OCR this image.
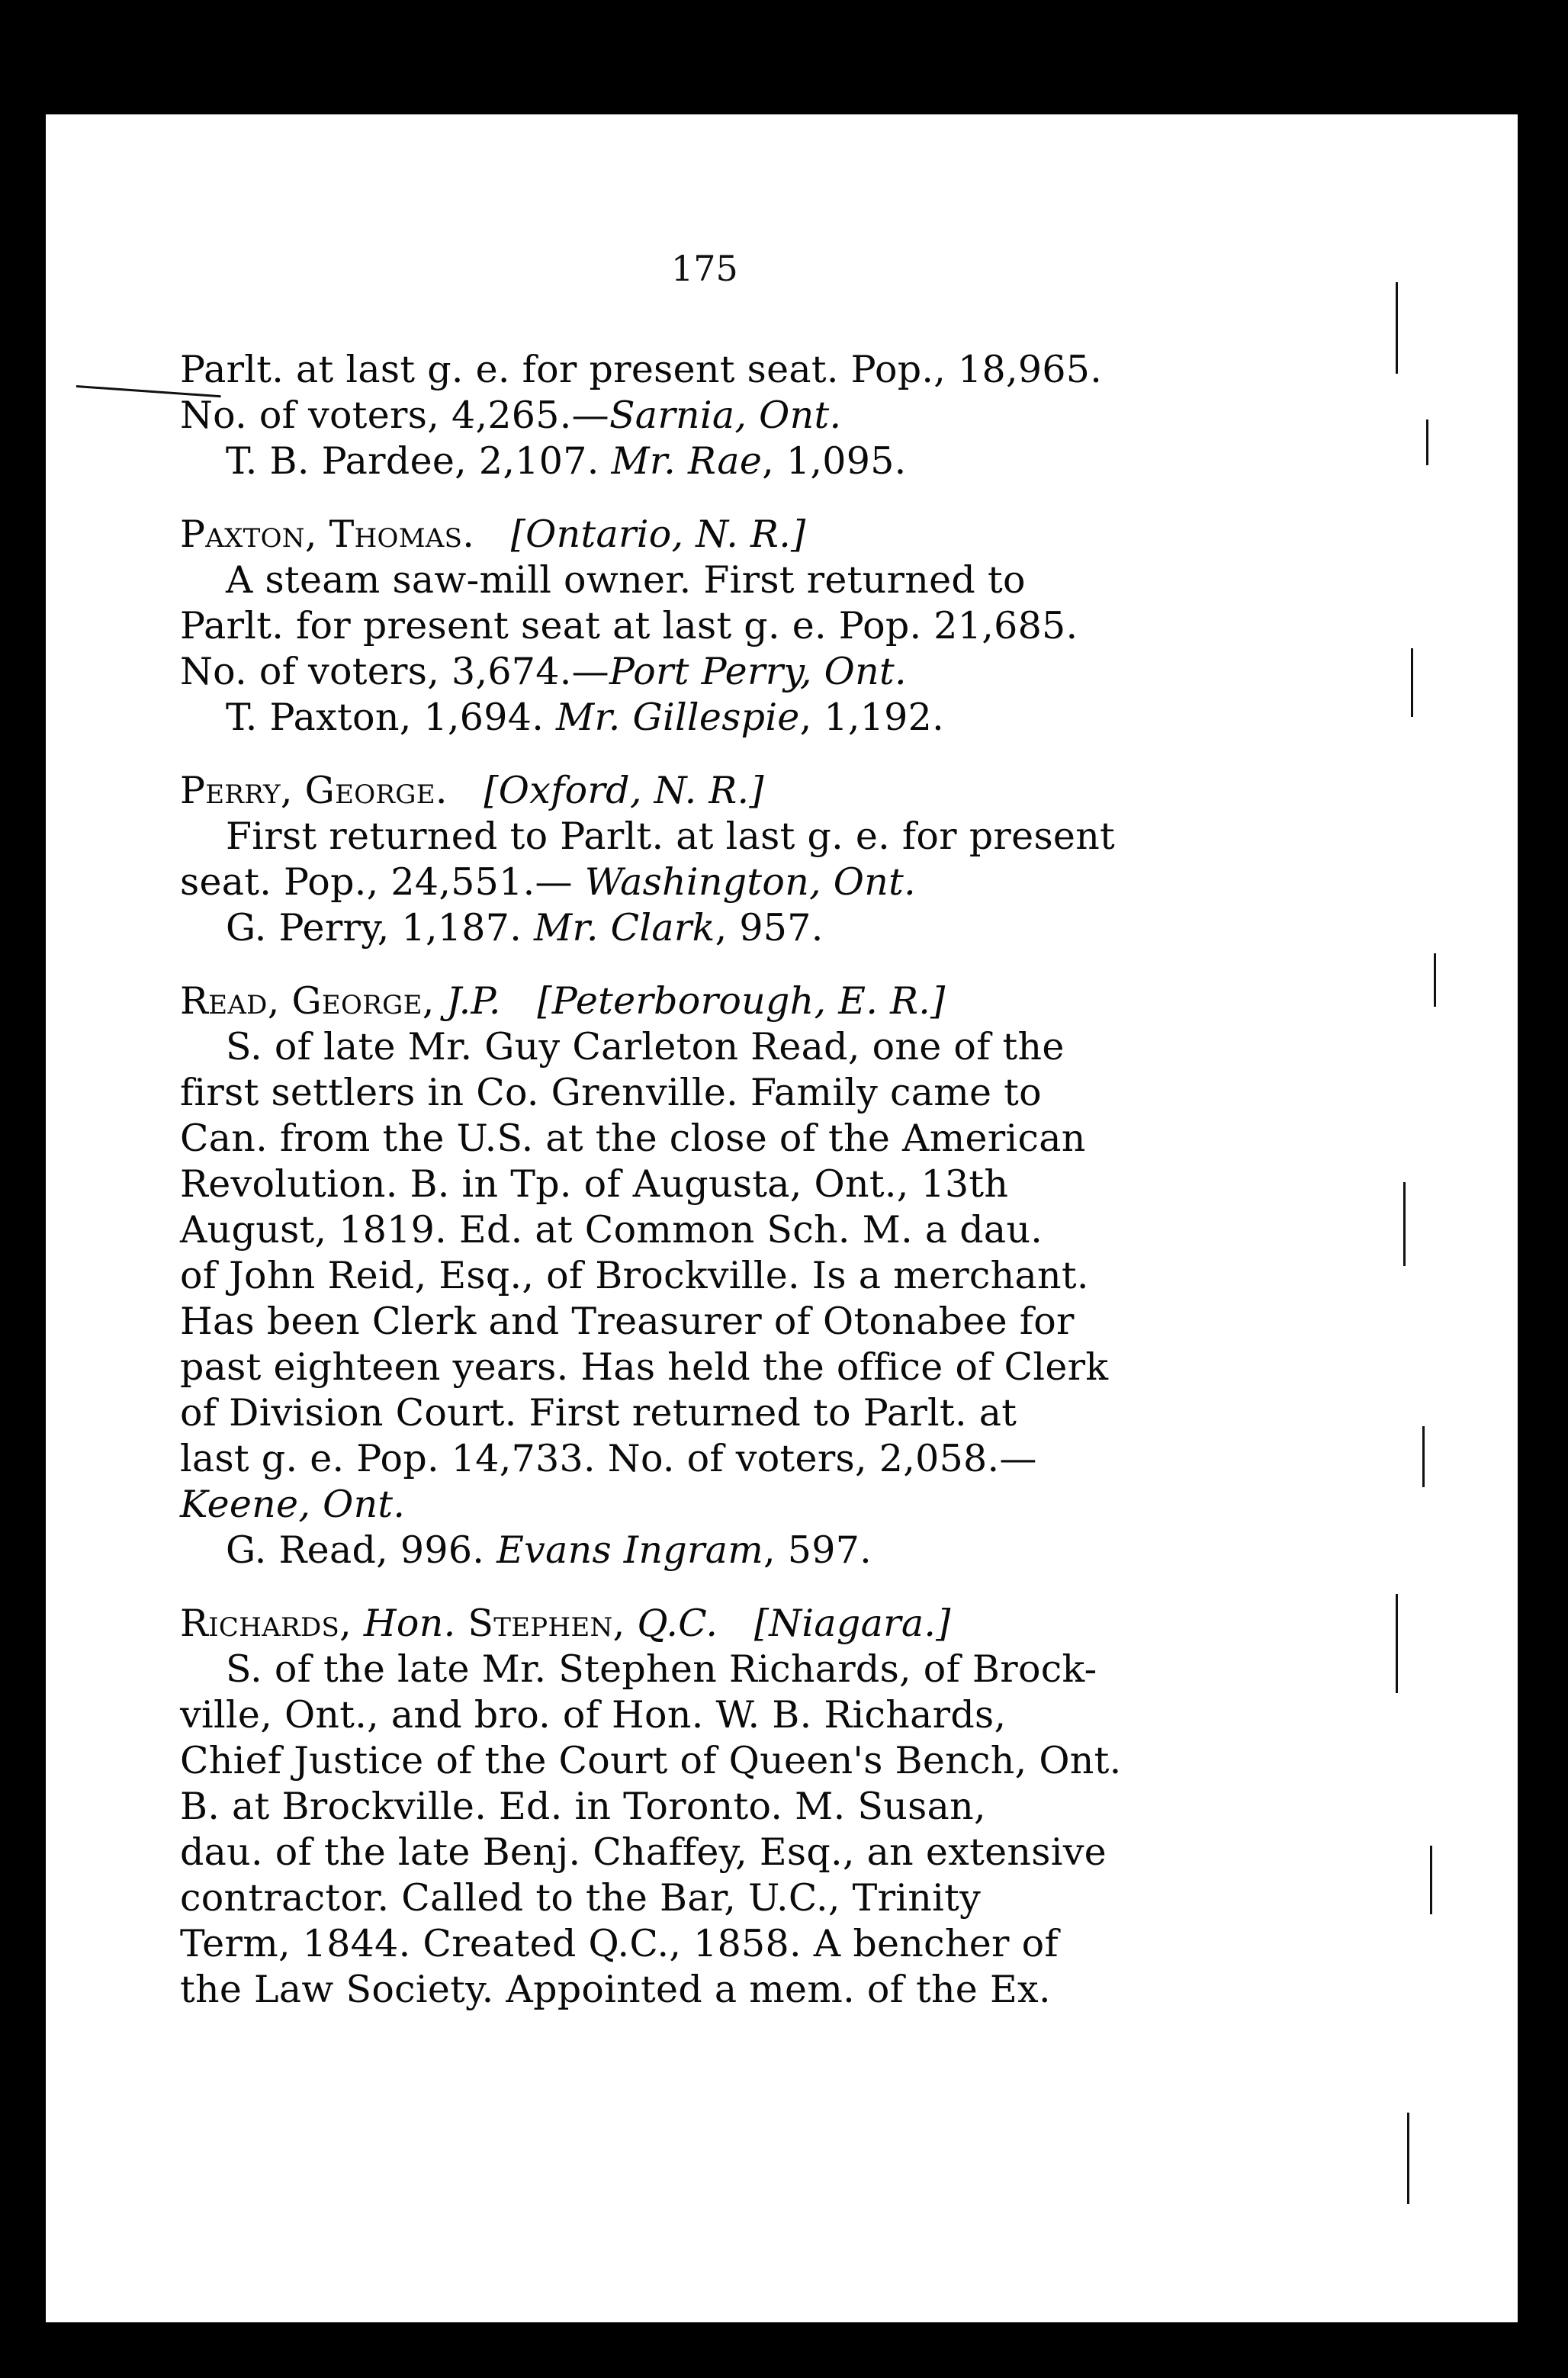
175
Parlt. at last g. e. for present seat. Pop., 18,965.
No. of voters, 4,265.—Sarnia, Ont.
T. B. Pardee, 2,107. Mr. Rae, 1,095.
Paxton, Thomas. [Ontario, N. R.]
A steam saw-mill owner. First returned to
Parlt. for present seat at last g. e. Pop. 21,685.
No. of voters, 3,674.—Port Perry, Ont.
T. Paxton, 1,694. Mr. Gillespie, 1,192.
Perry, George. [Oxford, N. R.]
First returned to Parlt. at last g. e. for present
seat. Pop., 24,551.— Washington, Ont.
G. Perry, 1,187. Mr. Clark, 957.
Read, George, J.P. [Peterborough, E. R.]
S. of late Mr. Guy Carleton Read, one of the
first settlers in Co. Grenville. Family came to
Can. from the U.S. at the close of the American
Revolution. B. in Tp. of Augusta, Ont., 13th
August, 1819. Ed. at Common Sch. M. a dau.
of John Reid, Esq., of Brockville. Is a merchant.
Has been Clerk and Treasurer of Otonabee for
past eighteen years. Has held the office of Clerk
of Division Court. First returned to Parlt. at
last g. e. Pop. 14,733. No. of voters, 2,058.—
Keene, Ont.
G. Read, 996. Evans Ingram, 597.
Richards, Hon. Stephen, Q.C. [Niagara.]
S. of the late Mr. Stephen Richards, of Brock-
ville, Ont., and bro. of Hon. W. B. Richards,
Chief Justice of the Court of Queen's Bench, Ont.
B. at Brockville. Ed. in Toronto. M. Susan,
dau. of the late Benj. Chaffey, Esq., an extensive
contractor. Called to the Bar, U.C., Trinity
Term, 1844. Created Q.C., 1858. A bencher of
the Law Society. Appointed a mem. of the Ex.
